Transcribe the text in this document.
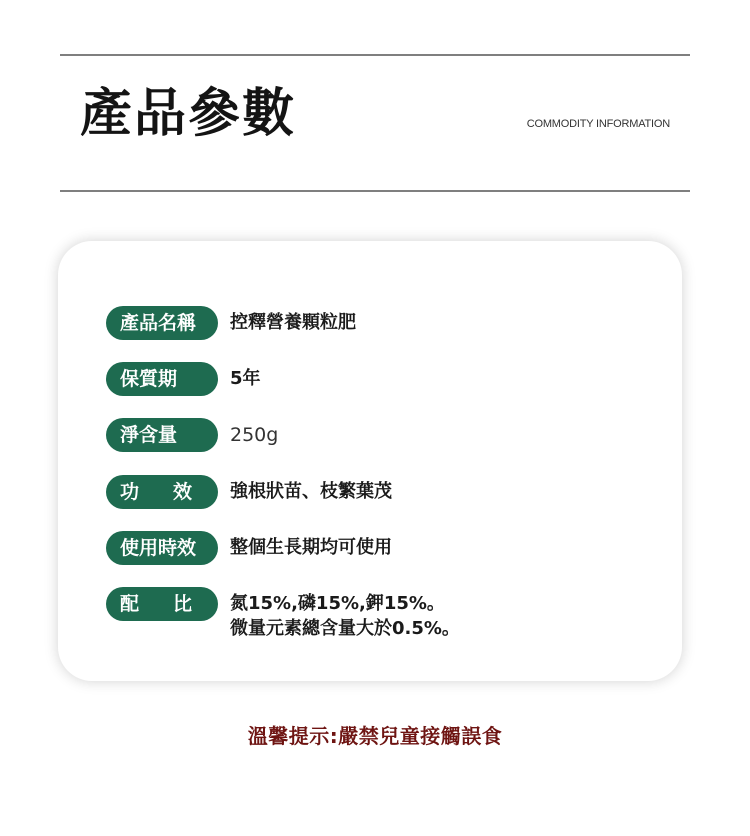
產品參數	COMMODITY INFORMATION
產品名稱	控釋營養顆粒肥
保質期	5年
淨含量	250g
功 效 強根狀苗、枝繁葉茂
使用時效	整個生長期均可使用
配 比 氮15%,磷15%,鉀15%。
微量元素總含量大於0.5%。
溫馨提示:嚴禁兒童接觸誤食
